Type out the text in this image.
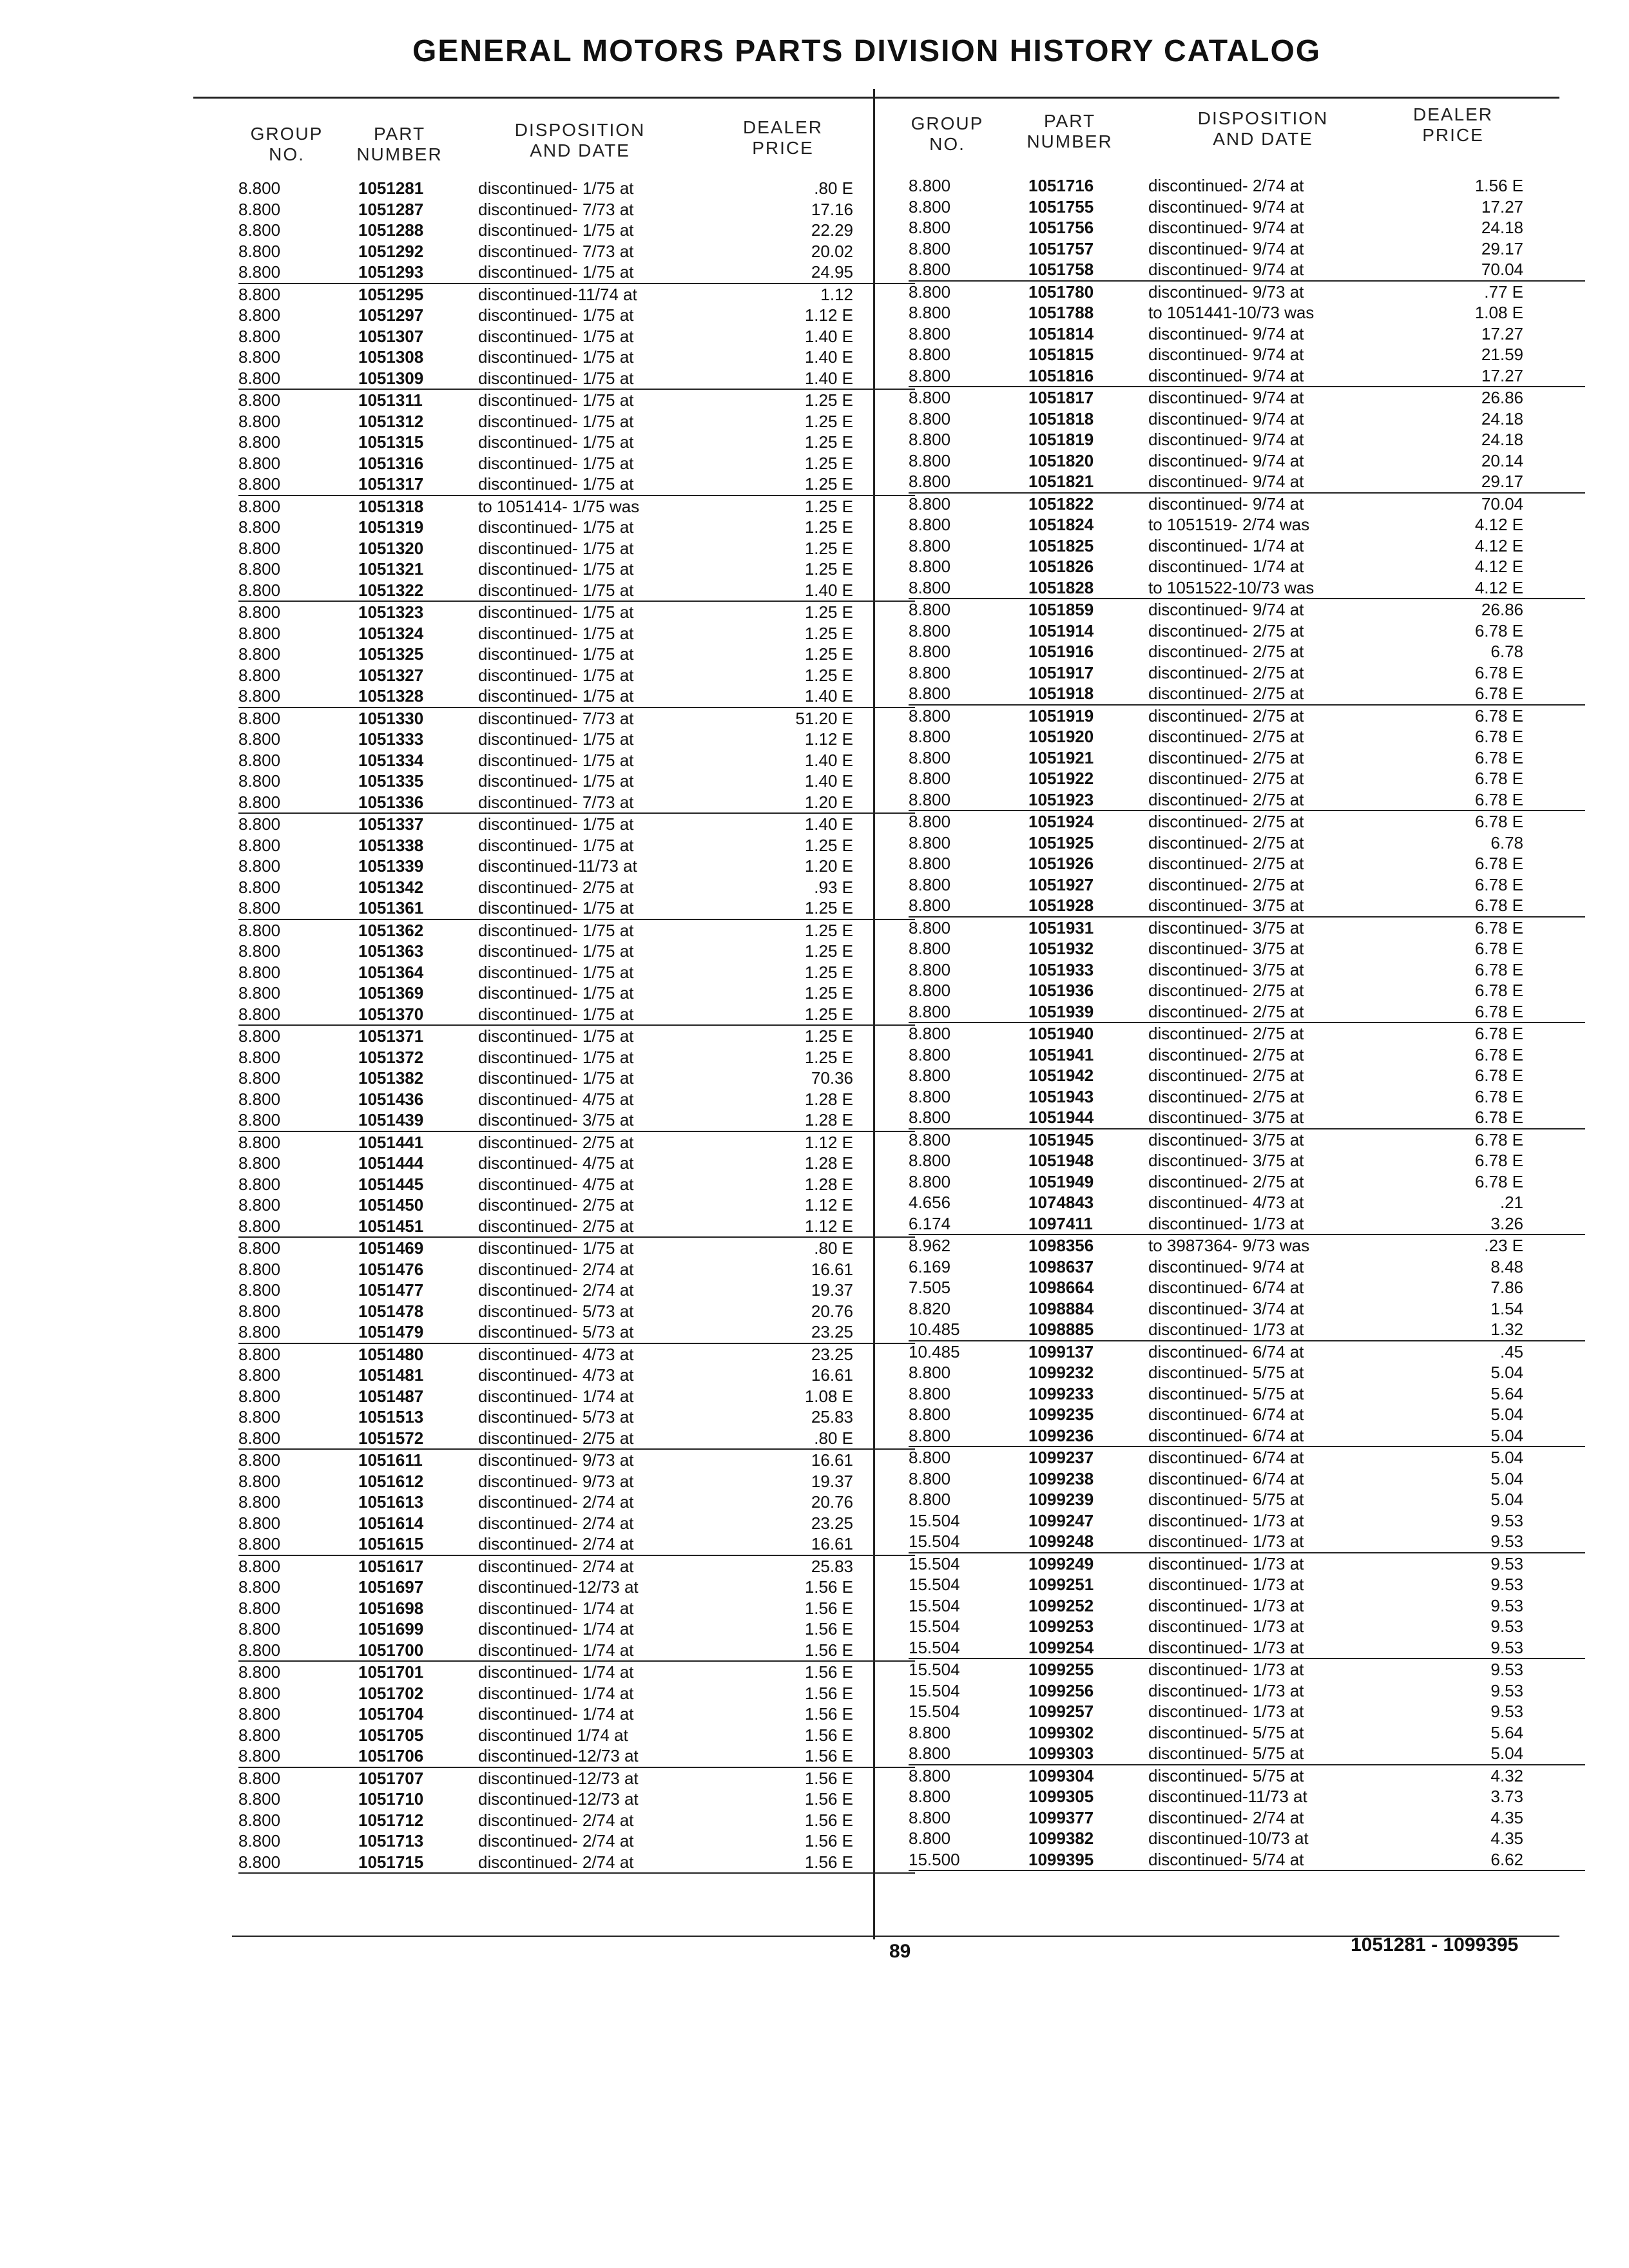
GENERAL MOTORS PARTS DIVISION HISTORY CATALOG
GROUP
NO.
PART
NUMBER
DISPOSITION
AND DATE
DEALER
PRICE
GROUP
NO.
PART
NUMBER
DISPOSITION
AND DATE
DEALER
PRICE
8.800	1051281	discontinued- 1/75 at	.80 E
8.800	1051287	discontinued- 7/73 at	17.16
8.800	1051288	discontinued- 1/75 at	22.29
8.800	1051292	discontinued- 7/73 at	20.02
8.800	1051293	discontinued- 1/75 at	24.95
8.800	1051295	discontinued-11/74 at	1.12
8.800	1051297	discontinued- 1/75 at	1.12 E
8.800	1051307	discontinued- 1/75 at	1.40 E
8.800	1051308	discontinued- 1/75 at	1.40 E
8.800	1051309	discontinued- 1/75 at	1.40 E
8.800	1051311	discontinued- 1/75 at	1.25 E
8.800	1051312	discontinued- 1/75 at	1.25 E
8.800	1051315	discontinued- 1/75 at	1.25 E
8.800	1051316	discontinued- 1/75 at	1.25 E
8.800	1051317	discontinued- 1/75 at	1.25 E
8.800	1051318	to 1051414- 1/75 was	1.25 E
8.800	1051319	discontinued- 1/75 at	1.25 E
8.800	1051320	discontinued- 1/75 at	1.25 E
8.800	1051321	discontinued- 1/75 at	1.25 E
8.800	1051322	discontinued- 1/75 at	1.40 E
8.800	1051323	discontinued- 1/75 at	1.25 E
8.800	1051324	discontinued- 1/75 at	1.25 E
8.800	1051325	discontinued- 1/75 at	1.25 E
8.800	1051327	discontinued- 1/75 at	1.25 E
8.800	1051328	discontinued- 1/75 at	1.40 E
8.800	1051330	discontinued- 7/73 at	51.20 E
8.800	1051333	discontinued- 1/75 at	1.12 E
8.800	1051334	discontinued- 1/75 at	1.40 E
8.800	1051335	discontinued- 1/75 at	1.40 E
8.800	1051336	discontinued- 7/73 at	1.20 E
8.800	1051337	discontinued- 1/75 at	1.40 E
8.800	1051338	discontinued- 1/75 at	1.25 E
8.800	1051339	discontinued-11/73 at	1.20 E
8.800	1051342	discontinued- 2/75 at	.93 E
8.800	1051361	discontinued- 1/75 at	1.25 E
8.800	1051362	discontinued- 1/75 at	1.25 E
8.800	1051363	discontinued- 1/75 at	1.25 E
8.800	1051364	discontinued- 1/75 at	1.25 E
8.800	1051369	discontinued- 1/75 at	1.25 E
8.800	1051370	discontinued- 1/75 at	1.25 E
8.800	1051371	discontinued- 1/75 at	1.25 E
8.800	1051372	discontinued- 1/75 at	1.25 E
8.800	1051382	discontinued- 1/75 at	70.36
8.800	1051436	discontinued- 4/75 at	1.28 E
8.800	1051439	discontinued- 3/75 at	1.28 E
8.800	1051441	discontinued- 2/75 at	1.12 E
8.800	1051444	discontinued- 4/75 at	1.28 E
8.800	1051445	discontinued- 4/75 at	1.28 E
8.800	1051450	discontinued- 2/75 at	1.12 E
8.800	1051451	discontinued- 2/75 at	1.12 E
8.800	1051469	discontinued- 1/75 at	.80 E
8.800	1051476	discontinued- 2/74 at	16.61
8.800	1051477	discontinued- 2/74 at	19.37
8.800	1051478	discontinued- 5/73 at	20.76
8.800	1051479	discontinued- 5/73 at	23.25
8.800	1051480	discontinued- 4/73 at	23.25
8.800	1051481	discontinued- 4/73 at	16.61
8.800	1051487	discontinued- 1/74 at	1.08 E
8.800	1051513	discontinued- 5/73 at	25.83
8.800	1051572	discontinued- 2/75 at	.80 E
8.800	1051611	discontinued- 9/73 at	16.61
8.800	1051612	discontinued- 9/73 at	19.37
8.800	1051613	discontinued- 2/74 at	20.76
8.800	1051614	discontinued- 2/74 at	23.25
8.800	1051615	discontinued- 2/74 at	16.61
8.800	1051617	discontinued- 2/74 at	25.83
8.800	1051697	discontinued-12/73 at	1.56 E
8.800	1051698	discontinued- 1/74 at	1.56 E
8.800	1051699	discontinued- 1/74 at	1.56 E
8.800	1051700	discontinued- 1/74 at	1.56 E
8.800	1051701	discontinued- 1/74 at	1.56 E
8.800	1051702	discontinued- 1/74 at	1.56 E
8.800	1051704	discontinued- 1/74 at	1.56 E
8.800	1051705	discontinued 1/74 at	1.56 E
8.800	1051706	discontinued-12/73 at	1.56 E
8.800	1051707	discontinued-12/73 at	1.56 E
8.800	1051710	discontinued-12/73 at	1.56 E
8.800	1051712	discontinued- 2/74 at	1.56 E
8.800	1051713	discontinued- 2/74 at	1.56 E
8.800	1051715	discontinued- 2/74 at	1.56 E
8.800	1051716	discontinued- 2/74 at	1.56 E
8.800	1051755	discontinued- 9/74 at	17.27
8.800	1051756	discontinued- 9/74 at	24.18
8.800	1051757	discontinued- 9/74 at	29.17
8.800	1051758	discontinued- 9/74 at	70.04
8.800	1051780	discontinued- 9/73 at	.77 E
8.800	1051788	to 1051441-10/73 was	1.08 E
8.800	1051814	discontinued- 9/74 at	17.27
8.800	1051815	discontinued- 9/74 at	21.59
8.800	1051816	discontinued- 9/74 at	17.27
8.800	1051817	discontinued- 9/74 at	26.86
8.800	1051818	discontinued- 9/74 at	24.18
8.800	1051819	discontinued- 9/74 at	24.18
8.800	1051820	discontinued- 9/74 at	20.14
8.800	1051821	discontinued- 9/74 at	29.17
8.800	1051822	discontinued- 9/74 at	70.04
8.800	1051824	to 1051519- 2/74 was	4.12 E
8.800	1051825	discontinued- 1/74 at	4.12 E
8.800	1051826	discontinued- 1/74 at	4.12 E
8.800	1051828	to 1051522-10/73 was	4.12 E
8.800	1051859	discontinued- 9/74 at	26.86
8.800	1051914	discontinued- 2/75 at	6.78 E
8.800	1051916	discontinued- 2/75 at	6.78
8.800	1051917	discontinued- 2/75 at	6.78 E
8.800	1051918	discontinued- 2/75 at	6.78 E
8.800	1051919	discontinued- 2/75 at	6.78 E
8.800	1051920	discontinued- 2/75 at	6.78 E
8.800	1051921	discontinued- 2/75 at	6.78 E
8.800	1051922	discontinued- 2/75 at	6.78 E
8.800	1051923	discontinued- 2/75 at	6.78 E
8.800	1051924	discontinued- 2/75 at	6.78 E
8.800	1051925	discontinued- 2/75 at	6.78
8.800	1051926	discontinued- 2/75 at	6.78 E
8.800	1051927	discontinued- 2/75 at	6.78 E
8.800	1051928	discontinued- 3/75 at	6.78 E
8.800	1051931	discontinued- 3/75 at	6.78 E
8.800	1051932	discontinued- 3/75 at	6.78 E
8.800	1051933	discontinued- 3/75 at	6.78 E
8.800	1051936	discontinued- 2/75 at	6.78 E
8.800	1051939	discontinued- 2/75 at	6.78 E
8.800	1051940	discontinued- 2/75 at	6.78 E
8.800	1051941	discontinued- 2/75 at	6.78 E
8.800	1051942	discontinued- 2/75 at	6.78 E
8.800	1051943	discontinued- 2/75 at	6.78 E
8.800	1051944	discontinued- 3/75 at	6.78 E
8.800	1051945	discontinued- 3/75 at	6.78 E
8.800	1051948	discontinued- 3/75 at	6.78 E
8.800	1051949	discontinued- 2/75 at	6.78 E
4.656	1074843	discontinued- 4/73 at	.21
6.174	1097411	discontinued- 1/73 at	3.26
8.962	1098356	to 3987364- 9/73 was	.23 E
6.169	1098637	discontinued- 9/74 at	8.48
7.505	1098664	discontinued- 6/74 at	7.86
8.820	1098884	discontinued- 3/74 at	1.54
10.485	1098885	discontinued- 1/73 at	1.32
10.485	1099137	discontinued- 6/74 at	.45
8.800	1099232	discontinued- 5/75 at	5.04
8.800	1099233	discontinued- 5/75 at	5.64
8.800	1099235	discontinued- 6/74 at	5.04
8.800	1099236	discontinued- 6/74 at	5.04
8.800	1099237	discontinued- 6/74 at	5.04
8.800	1099238	discontinued- 6/74 at	5.04
8.800	1099239	discontinued- 5/75 at	5.04
15.504	1099247	discontinued- 1/73 at	9.53
15.504	1099248	discontinued- 1/73 at	9.53
15.504	1099249	discontinued- 1/73 at	9.53
15.504	1099251	discontinued- 1/73 at	9.53
15.504	1099252	discontinued- 1/73 at	9.53
15.504	1099253	discontinued- 1/73 at	9.53
15.504	1099254	discontinued- 1/73 at	9.53
15.504	1099255	discontinued- 1/73 at	9.53
15.504	1099256	discontinued- 1/73 at	9.53
15.504	1099257	discontinued- 1/73 at	9.53
8.800	1099302	discontinued- 5/75 at	5.64
8.800	1099303	discontinued- 5/75 at	5.04
8.800	1099304	discontinued- 5/75 at	4.32
8.800	1099305	discontinued-11/73 at	3.73
8.800	1099377	discontinued- 2/74 at	4.35
8.800	1099382	discontinued-10/73 at	4.35
15.500	1099395	discontinued- 5/74 at	6.62
89	1051281 - 1099395
